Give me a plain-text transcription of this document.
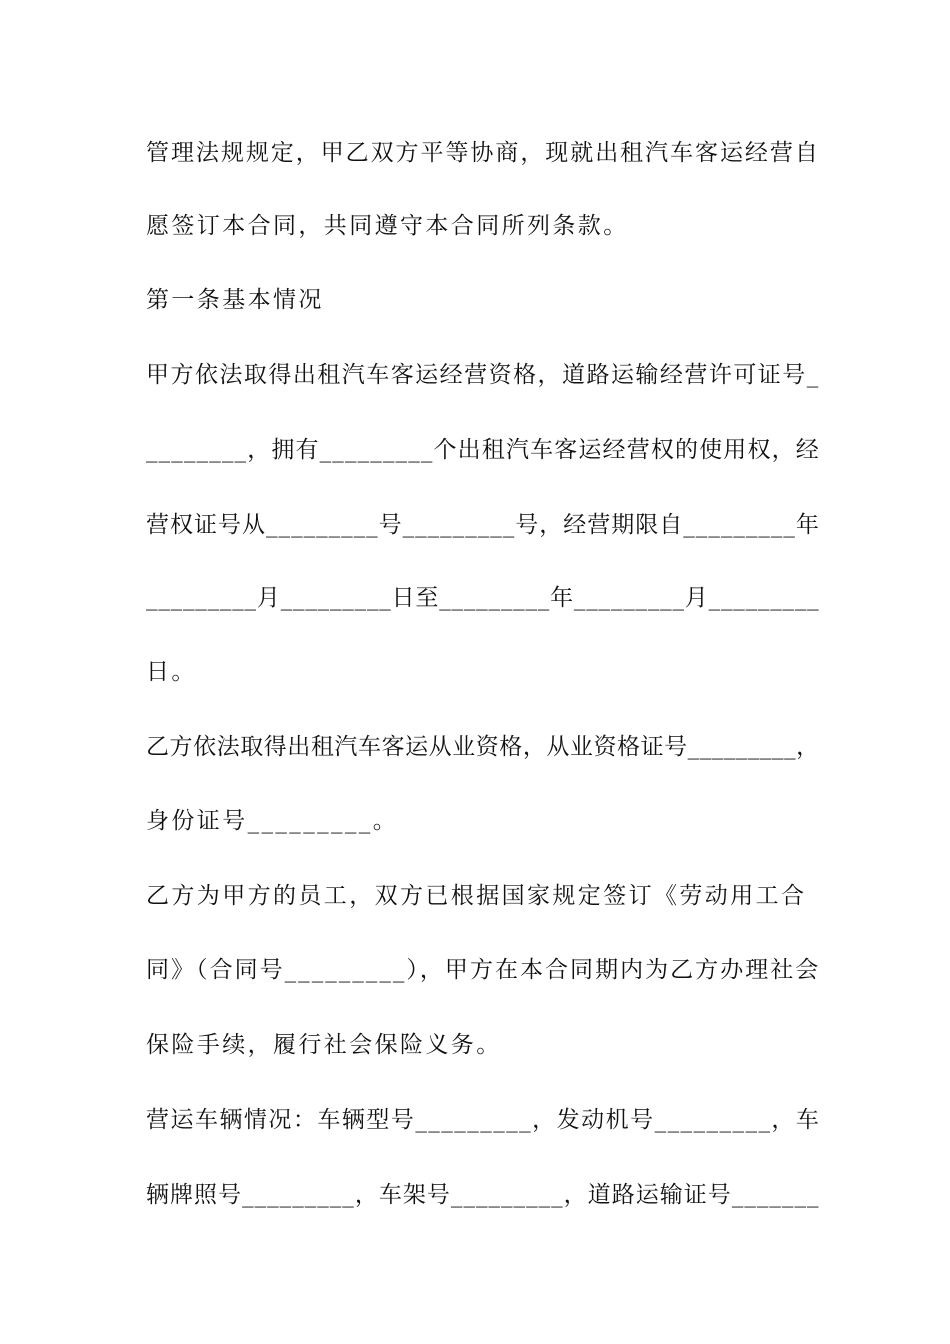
管理法规规定，甲乙双方平等协商，现就出租汽车客运经营自
愿签订本合同，共同遵守本合同所列条款。
第一条基本情况
甲方依法取得出租汽车客运经营资格，道路运输经营许可证号_
________，拥有_________个出租汽车客运经营权的使用权，经
营权证号从_________号_________号，经营期限自_________年
_________月_________日至_________年_________月_________
日。
乙方依法取得出租汽车客运从业资格，从业资格证号_________，
身份证号_________。
乙方为甲方的员工，双方已根据国家规定签订《劳动用工合
同》（合同号_________），甲方在本合同期内为乙方办理社会
保险手续，履行社会保险义务。
营运车辆情况：车辆型号_________，发动机号_________，车
辆牌照号_________，车架号_________，道路运输证号_______
